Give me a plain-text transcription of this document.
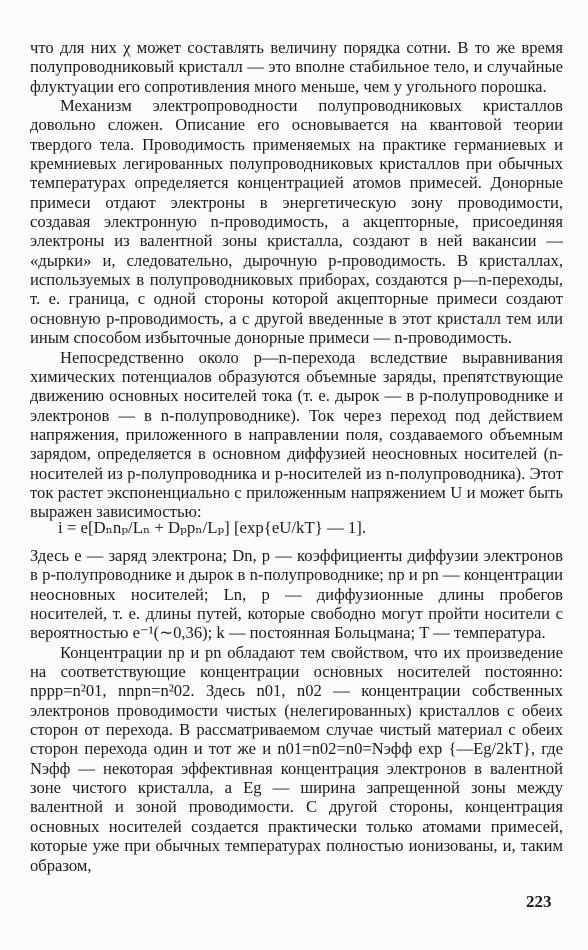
что для них χ может составлять величину порядка сотни. В то же время полупроводниковый кристалл — это вполне стабильное тело, и случайные флуктуации его сопротивления много меньше, чем у угольного порошка.

Механизм электропроводности полупроводниковых кристаллов довольно сложен. Описание его основывается на квантовой теории твердого тела. Проводимость применяемых на практике германиевых и кремниевых легированных полупроводниковых кристаллов при обычных температурах определяется концентрацией атомов примесей. Донорные примеси отдают электроны в энергетическую зону проводимости, создавая электронную n-проводимость, а акцепторные, присоединяя электроны из валентной зоны кристалла, создают в ней вакансии — «дырки» и, следовательно, дырочную p-проводимость. В кристаллах, используемых в полупроводниковых приборах, создаются p—n-переходы, т. е. граница, с одной стороны которой акцепторные примеси создают основную p-проводимость, а с другой введенные в этот кристалл тем или иным способом избыточные донорные примеси — n-проводимость.

Непосредственно около p—n-перехода вследствие выравнивания химических потенциалов образуются объемные заряды, препятствующие движению основных носителей тока (т. е. дырок — в p-полупроводнике и электронов — в n-полупроводнике). Ток через переход под действием напряжения, приложенного в направлении поля, создаваемого объемным зарядом, определяется в основном диффузией неосновных носителей (n-носителей из p-полупроводника и p-носителей из n-полупроводника). Этот ток растет экспоненциально с приложенным напряжением U и может быть выражен зависимостью:

i = e[Dₙnₚ/Lₙ + Dₚpₙ/Lₚ] [exp{eU/kT} — 1].

Здесь e — заряд электрона; Dn, p — коэффициенты диффузии электронов в p-полупроводнике и дырок в n-полупроводнике; np и pn — концентрации неосновных носителей; Ln, p — диффузионные длины пробегов носителей, т. е. длины путей, которые свободно могут пройти носители с вероятностью e⁻¹(∼0,36); k — постоянная Больцмана; T — температура.

Концентрации np и pn обладают тем свойством, что их произведение на соответствующие концентрации основных носителей постоянно: nppp=n²01, nnpn=n²02. Здесь n01, n02 — концентрации собственных электронов проводимости чистых (нелегированных) кристаллов с обеих сторон от перехода. В рассматриваемом случае чистый материал с обеих сторон перехода один и тот же и n01=n02=n0=Nэфф exp {—Eg/2kT}, где Nэфф — некоторая эффективная концентрация электронов в валентной зоне чистого кристалла, а Eg — ширина запрещенной зоны между валентной и зоной проводимости. С другой стороны, концентрация основных носителей создается практически только атомами примесей, которые уже при обычных температурах полностью ионизованы, и, таким образом,

223
